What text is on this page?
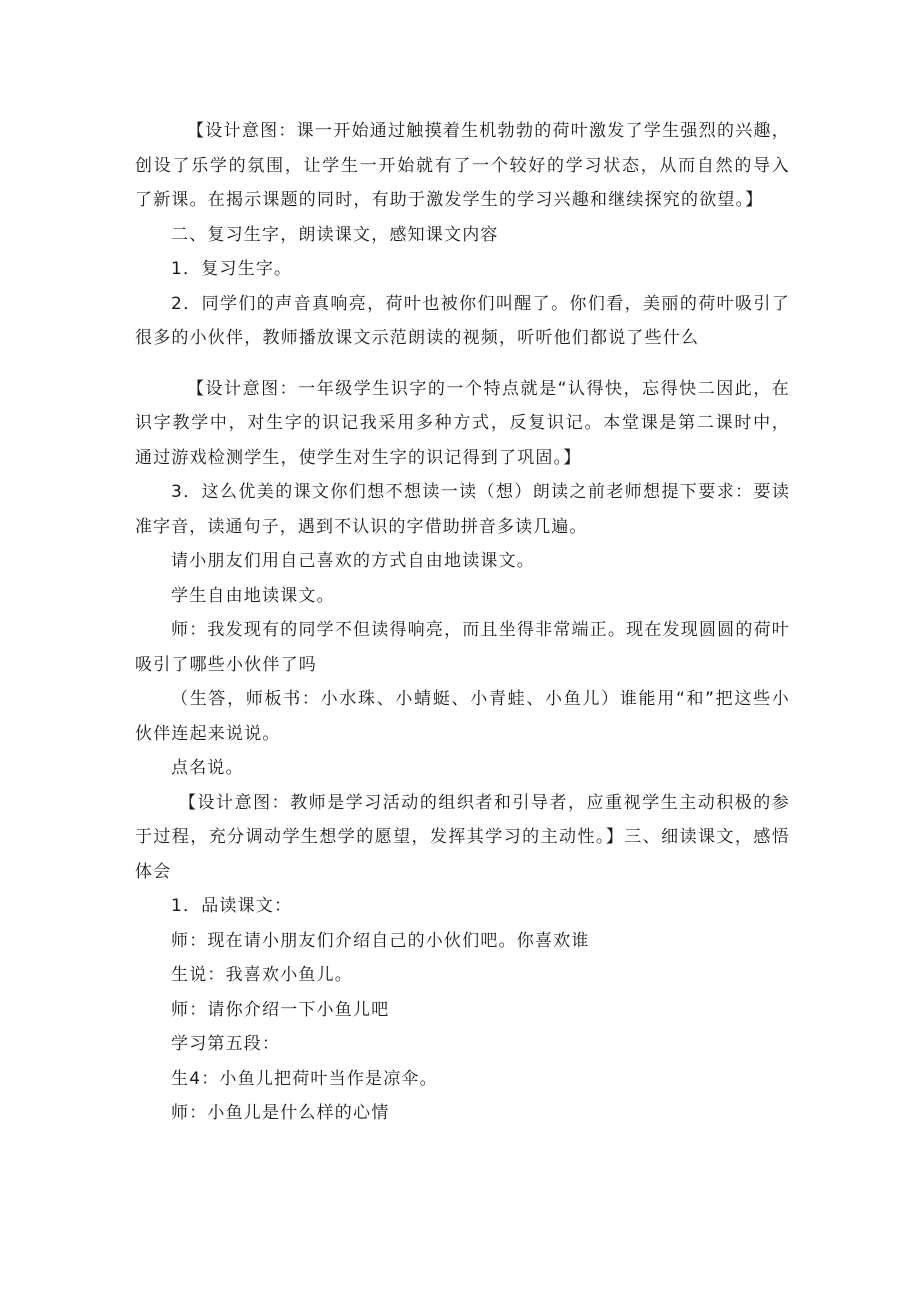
【设计意图：课一开始通过触摸着生机勃勃的荷叶激发了学生强烈的兴趣，创设了乐学的氛围，让学生一开始就有了一个较好的学习状态，从而自然的导入了新课。在揭示课题的同时，有助于激发学生的学习兴趣和继续探究的欲望。】

二、复习生字，朗读课文，感知课文内容

1．复习生字。

2．同学们的声音真响亮，荷叶也被你们叫醒了。你们看，美丽的荷叶吸引了很多的小伙伴，教师播放课文示范朗读的视频，听听他们都说了些什么

【设计意图：一年级学生识字的一个特点就是“认得快，忘得快二因此，在识字教学中，对生字的识记我采用多种方式，反复识记。本堂课是第二课时中，通过游戏检测学生，使学生对生字的识记得到了巩固。】

3．这么优美的课文你们想不想读一读（想）朗读之前老师想提下要求：要读准字音，读通句子，遇到不认识的字借助拼音多读几遍。

请小朋友们用自己喜欢的方式自由地读课文。

学生自由地读课文。

师：我发现有的同学不但读得响亮，而且坐得非常端正。现在发现圆圆的荷叶吸引了哪些小伙伴了吗

（生答，师板书：小水珠、小蜻蜓、小青蛙、小鱼儿）谁能用“和”把这些小伙伴连起来说说。

点名说。

【设计意图：教师是学习活动的组织者和引导者，应重视学生主动积极的参于过程，充分调动学生想学的愿望，发挥其学习的主动性。】三、细读课文，感悟体会

1．品读课文：

师：现在请小朋友们介绍自己的小伙们吧。你喜欢谁

生说：我喜欢小鱼儿。

师：请你介绍一下小鱼儿吧

学习第五段：

生4：小鱼儿把荷叶当作是凉伞。

师：小鱼儿是什么样的心情
